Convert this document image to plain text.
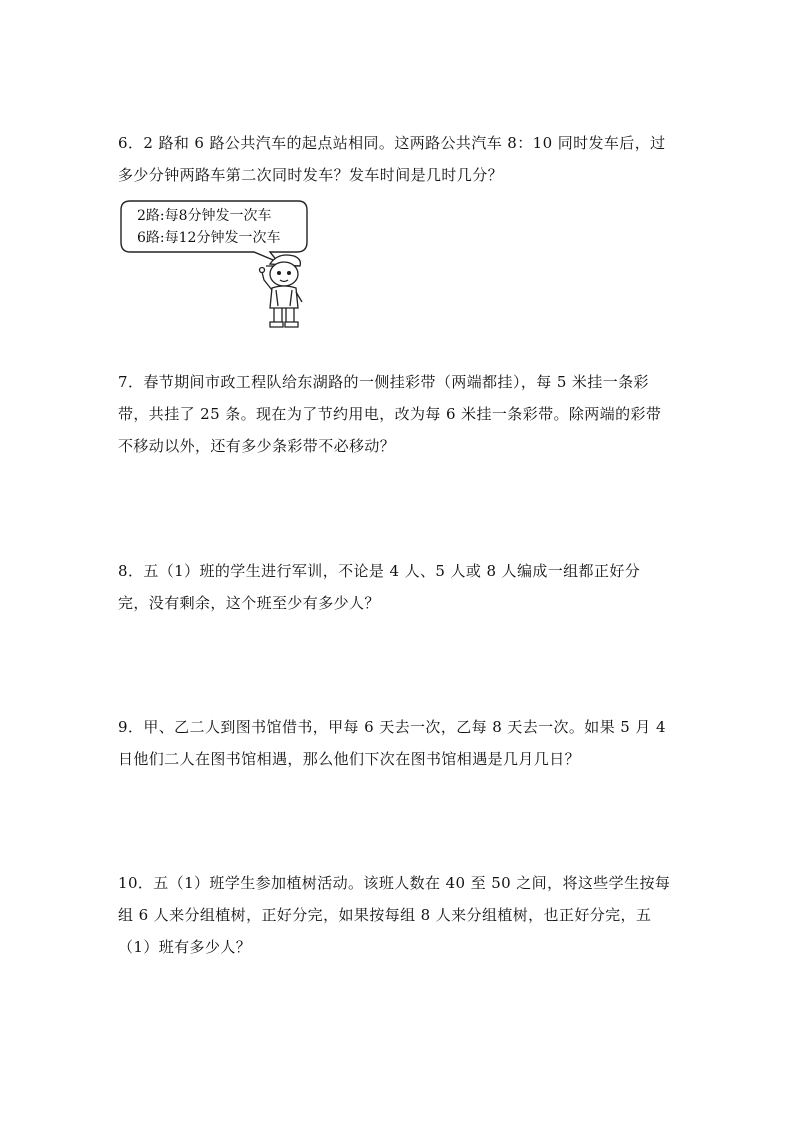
6．2 路和 6 路公共汽车的起点站相同。这两路公共汽车 8：10 同时发车后，过

多少分钟两路车第二次同时发车？发车时间是几时几分？

2路:每8分钟发一次车
6路:每12分钟发一次车

7．春节期间市政工程队给东湖路的一侧挂彩带（两端都挂），每 5 米挂一条彩

带，共挂了 25 条。现在为了节约用电，改为每 6 米挂一条彩带。除两端的彩带

不移动以外，还有多少条彩带不必移动？

8．五（1）班的学生进行军训，不论是 4 人、5 人或 8 人编成一组都正好分

完，没有剩余，这个班至少有多少人？

9．甲、乙二人到图书馆借书，甲每 6 天去一次，乙每 8 天去一次。如果 5 月 4

日他们二人在图书馆相遇，那么他们下次在图书馆相遇是几月几日？

10．五（1）班学生参加植树活动。该班人数在 40 至 50 之间，将这些学生按每

组 6 人来分组植树，正好分完，如果按每组 8 人来分组植树，也正好分完，五

（1）班有多少人？
